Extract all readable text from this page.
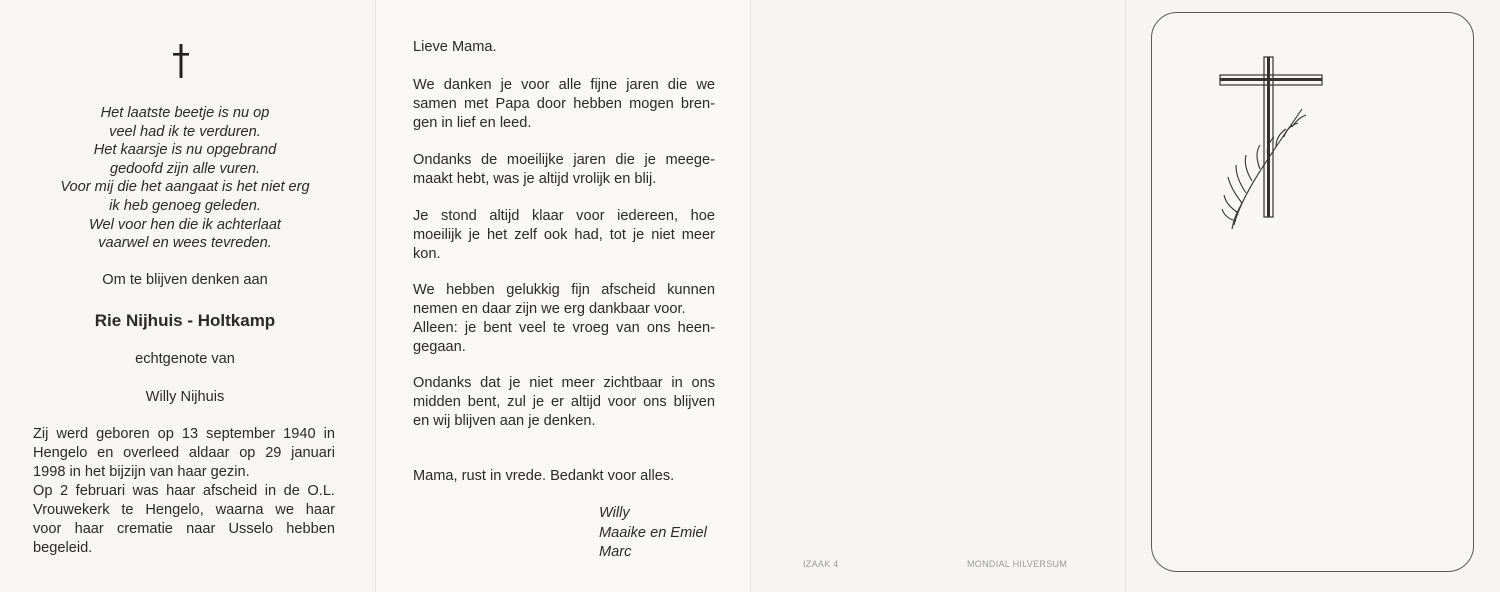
Het laatste beetje is nu op
veel had ik te verduren.
Het kaarsje is nu opgebrand
gedoofd zijn alle vuren.
Voor mij die het aangaat is het niet erg
ik heb genoeg geleden.
Wel voor hen die ik achterlaat
vaarwel en wees tevreden.
Om te blijven denken aan
Rie Nijhuis - Holtkamp
echtgenote van
Willy Nijhuis
Zij werd geboren op 13 september 1940 in
Hengelo en overleed aldaar op 29 januari
1998 in het bijzijn van haar gezin.
Op 2 februari was haar afscheid in de O.L.
Vrouwekerk te Hengelo, waarna we haar
voor haar crematie naar Usselo hebben
begeleid.
Lieve Mama.
We danken je voor alle fijne jaren die we
samen met Papa door hebben mogen bren-
gen in lief en leed.
Ondanks de moeilijke jaren die je meege-
maakt hebt, was je altijd vrolijk en blij.
Je stond altijd klaar voor iedereen, hoe
moeilijk je het zelf ook had, tot je niet meer
kon.
We hebben gelukkig fijn afscheid kunnen
nemen en daar zijn we erg dankbaar voor.
Alleen: je bent veel te vroeg van ons heen-
gegaan.
Ondanks dat je niet meer zichtbaar in ons
midden bent, zul je er altijd voor ons blijven
en wij blijven aan je denken.
Mama, rust in vrede. Bedankt voor alles.
Willy
Maaike en Emiel
Marc
IZAAK 4	MONDIAL HILVERSUM
